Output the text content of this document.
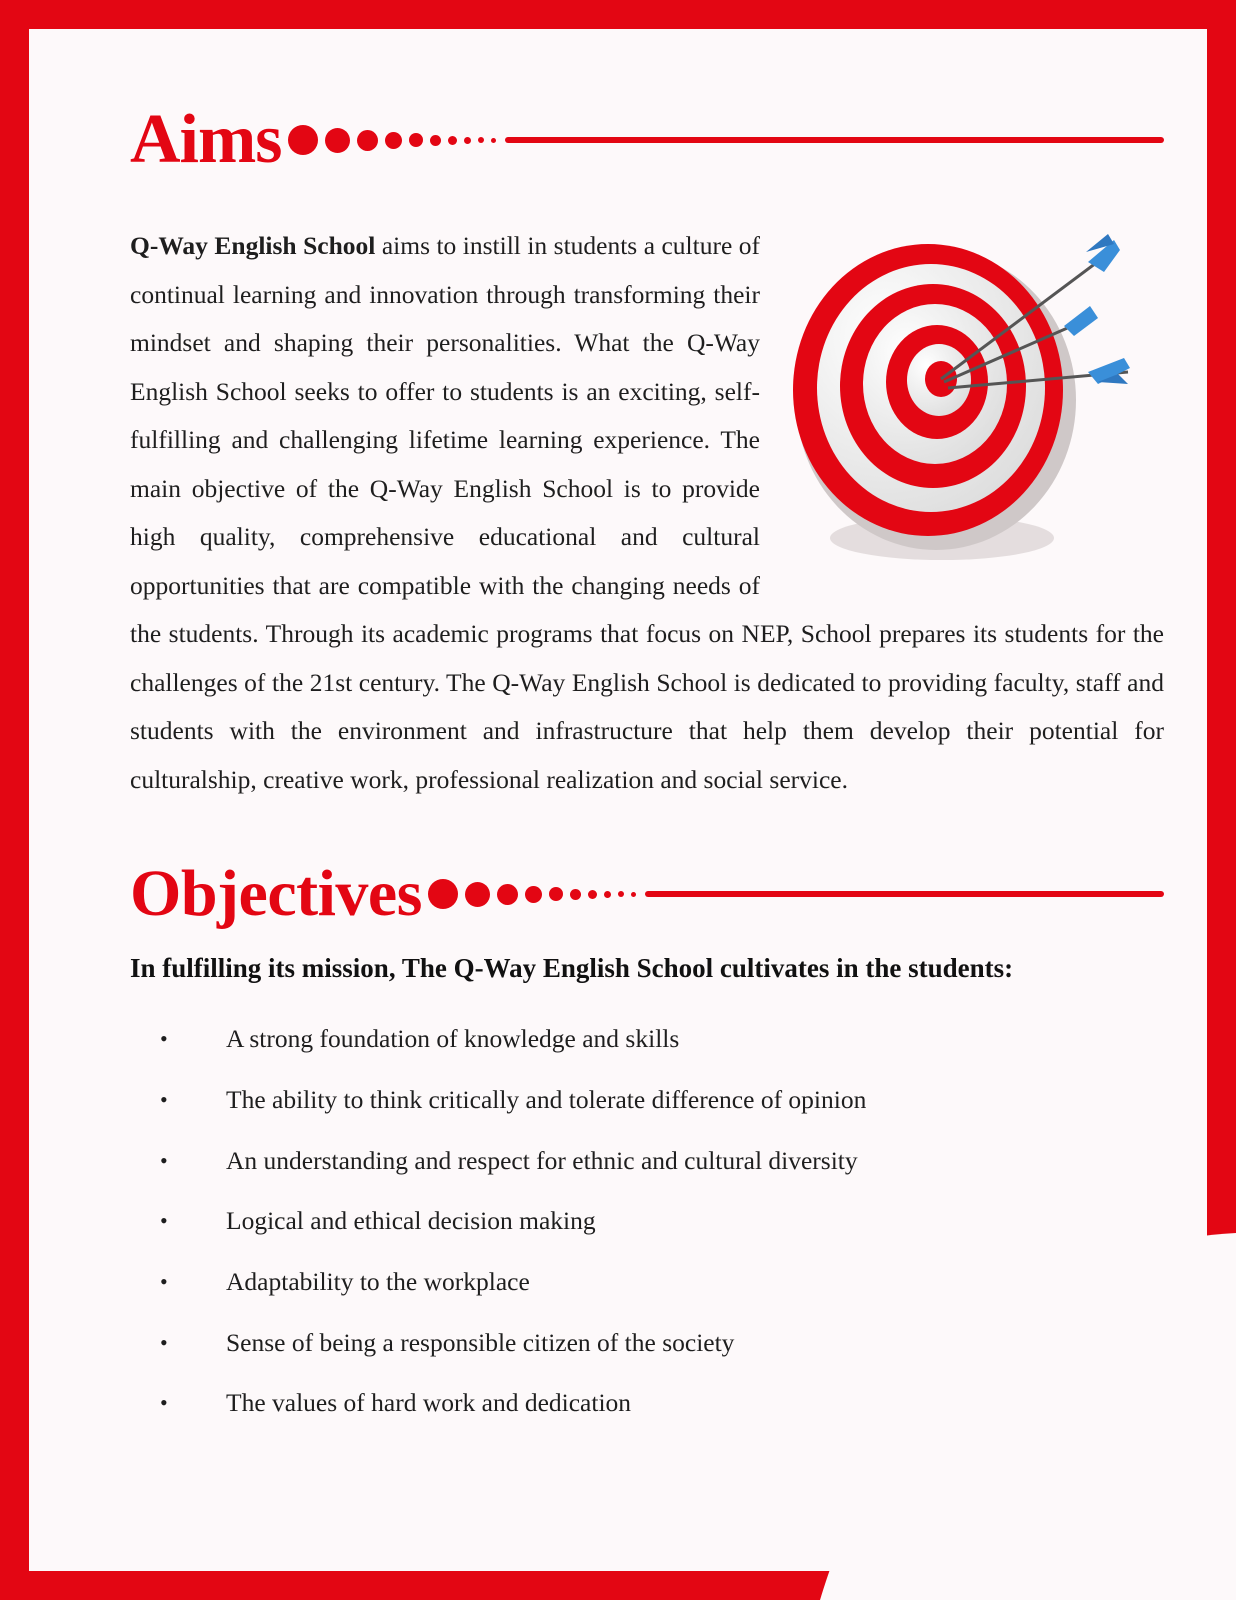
Aims
Q-Way English School aims to instill in students a culture of continual learning and innovation through transforming their mindset and shaping their personalities. What the Q-Way English School seeks to offer to students is an exciting, self-fulfilling and challenging lifetime learning experience. The main objective of the Q-Way English School is to provide high quality, comprehensive educational and cultural opportunities that are compatible with the changing needs of the students. Through its academic programs that focus on NEP, School prepares its students for the challenges of the 21st century. The Q-Way English School is dedicated to providing faculty, staff and students with the environment and infrastructure that help them develop their potential for culturalship, creative work, professional realization and social service.
Objectives
In fulfilling its mission, The Q-Way English School cultivates in the students:
•	A strong foundation of knowledge and skills
•	The ability to think critically and tolerate difference of opinion
•	An understanding and respect for ethnic and cultural diversity
•	Logical and ethical decision making
•	Adaptability to the workplace
•	Sense of being a responsible citizen of the society
•	The values of hard work and dedication
